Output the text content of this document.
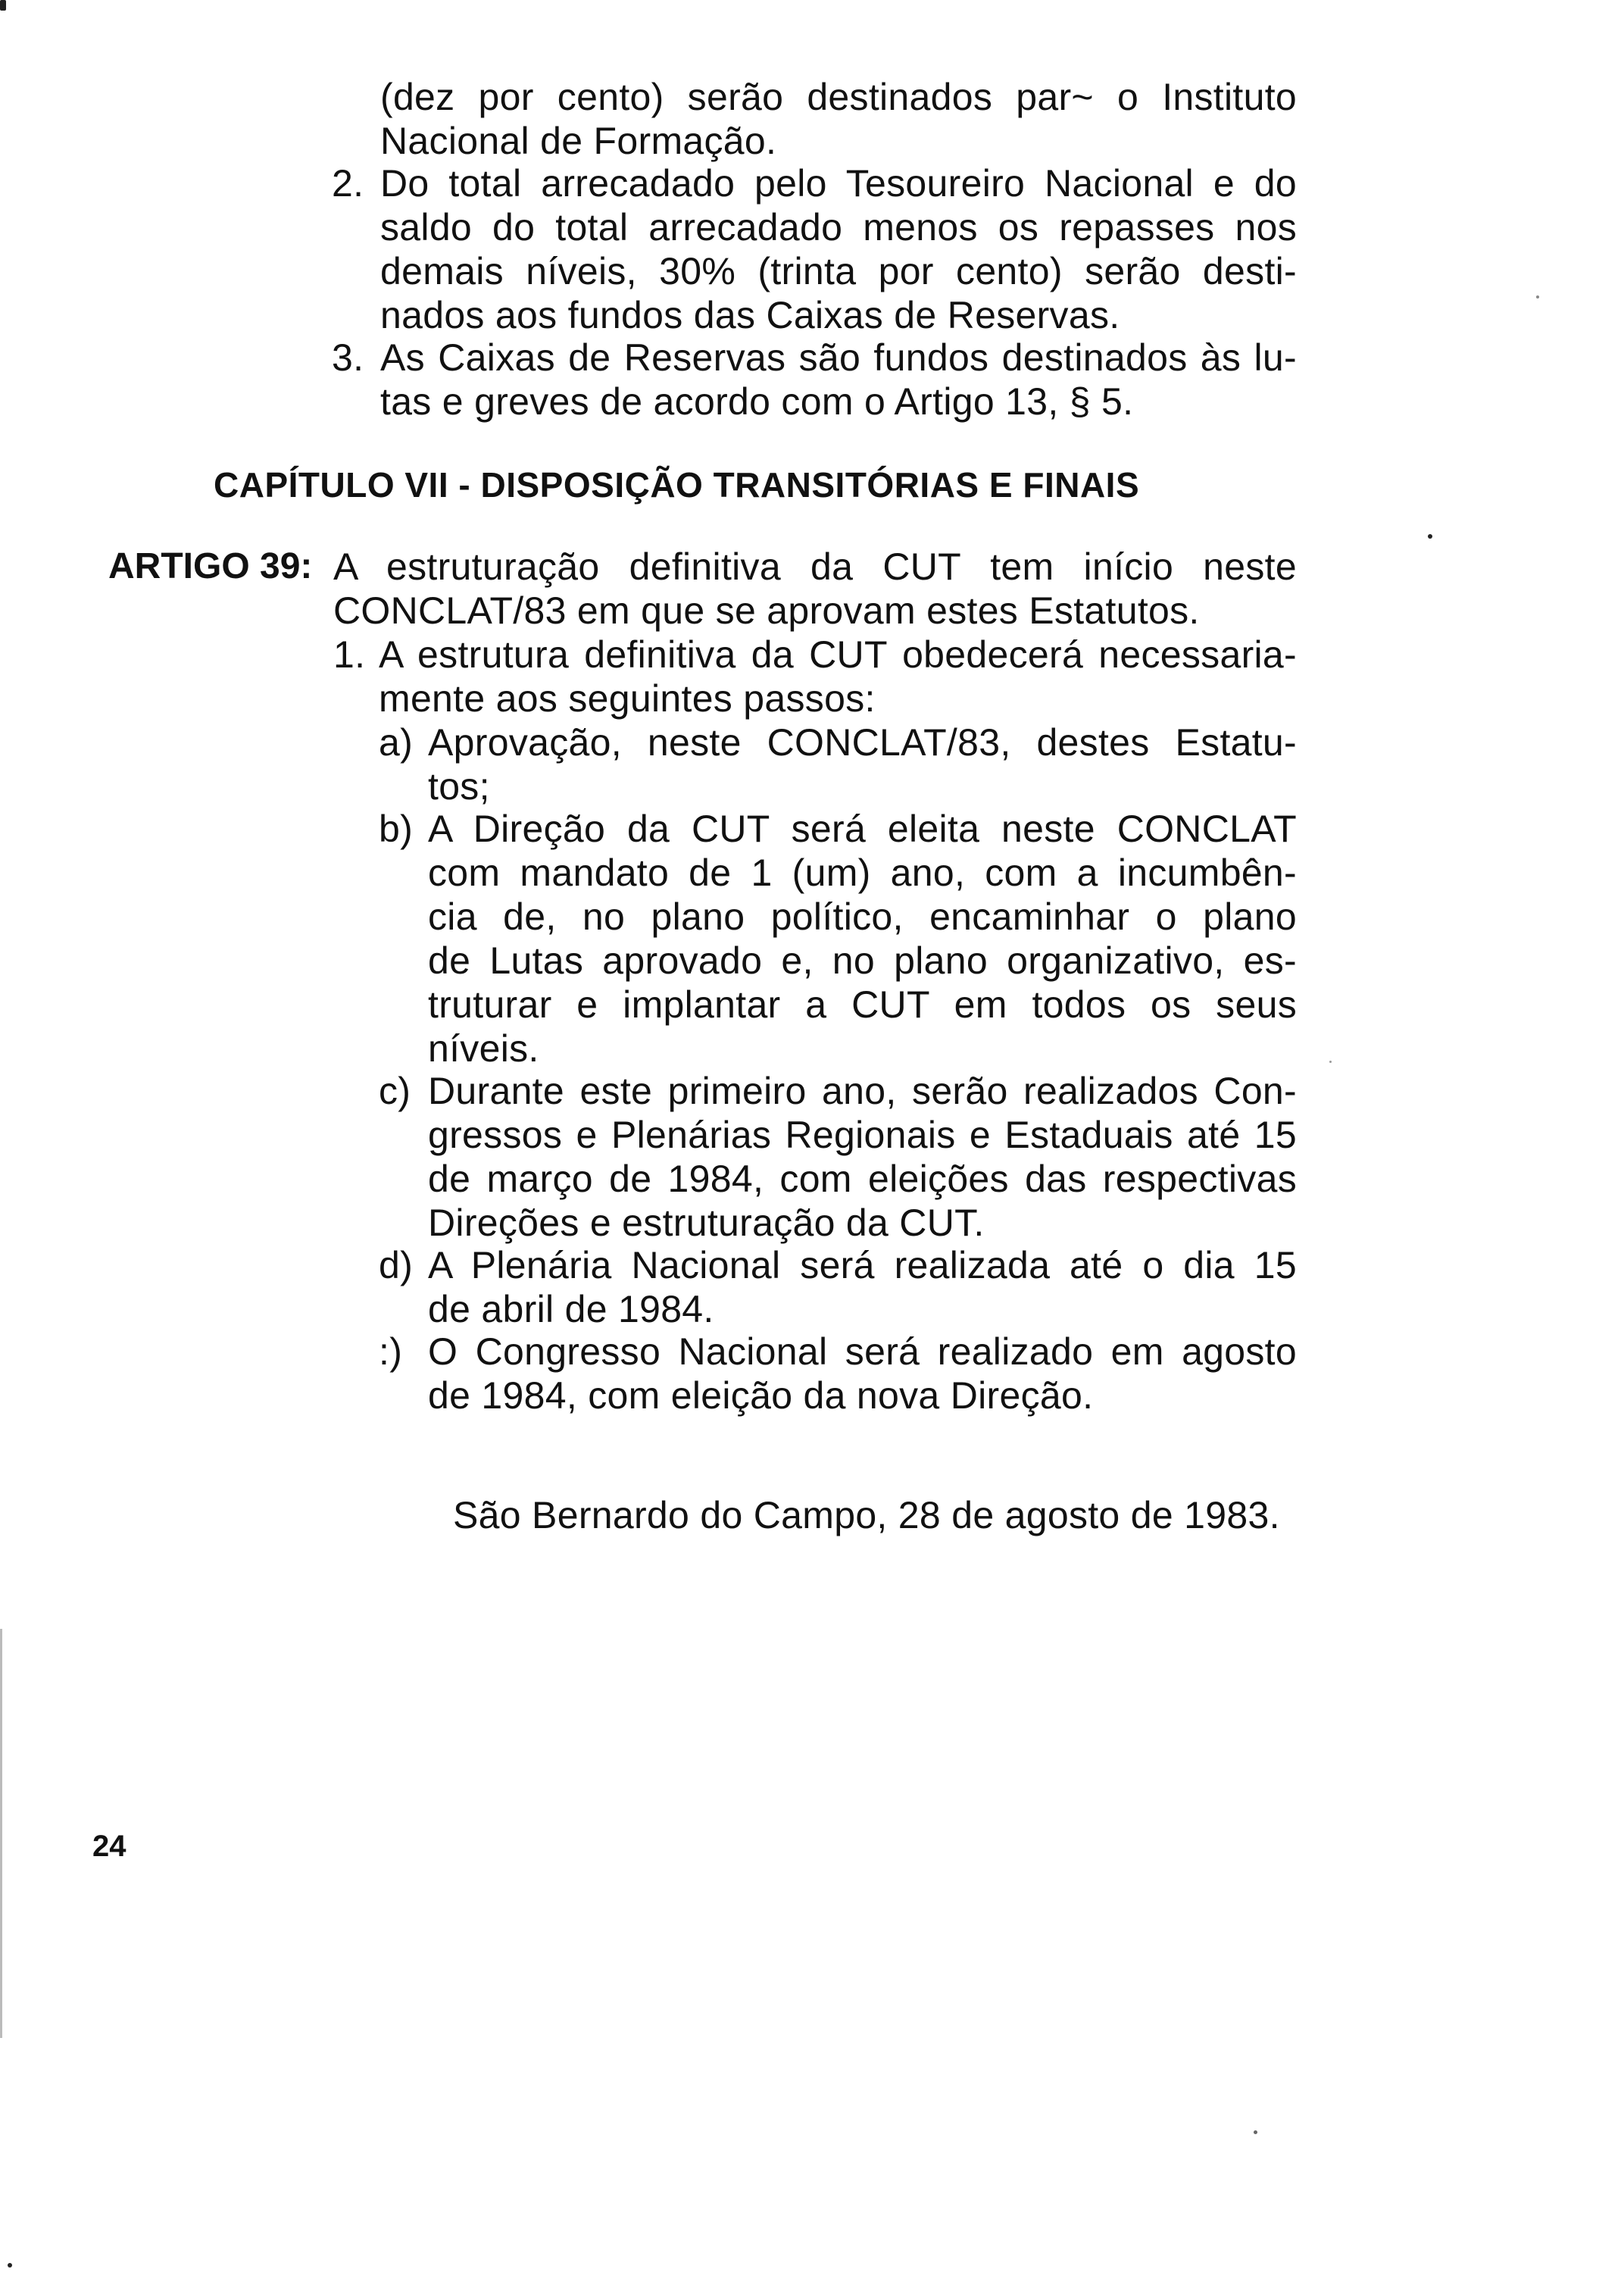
(dez por cento) serão destinados par~ o Instituto
Nacional de Formação.
2. Do total arrecadado pelo Tesoureiro Nacional e do
saldo do total arrecadado menos os repasses nos
demais níveis, 30% (trinta por cento) serão desti-
nados aos fundos das Caixas de Reservas.
3. As Caixas de Reservas são fundos destinados às lu-
tas e greves de acordo com o Artigo 13, § 5.
CAPÍTULO VII - DISPOSIÇÃO TRANSITÓRIAS E FINAIS
ARTIGO 39: A estruturação definitiva da CUT tem início neste
CONCLAT/83 em que se aprovam estes Estatutos.
1. A estrutura definitiva da CUT obedecerá necessaria-
mente aos seguintes passos:
a) Aprovação, neste CONCLAT/83, destes Estatu-
tos;
b) A Direção da CUT será eleita neste CONCLAT
com mandato de 1 (um) ano, com a incumbên-
cia de, no plano político, encaminhar o plano
de Lutas aprovado e, no plano organizativo, es-
truturar e implantar a CUT em todos os seus
níveis.
c) Durante este primeiro ano, serão realizados Con-
gressos e Plenárias Regionais e Estaduais até 15
de março de 1984, com eleições das respectivas
Direções e estruturação da CUT.
d) A Plenária Nacional será realizada até o dia 15
de abril de 1984.
:) O Congresso Nacional será realizado em agosto
de 1984, com eleição da nova Direção.
São Bernardo do Campo, 28 de agosto de 1983.
24
